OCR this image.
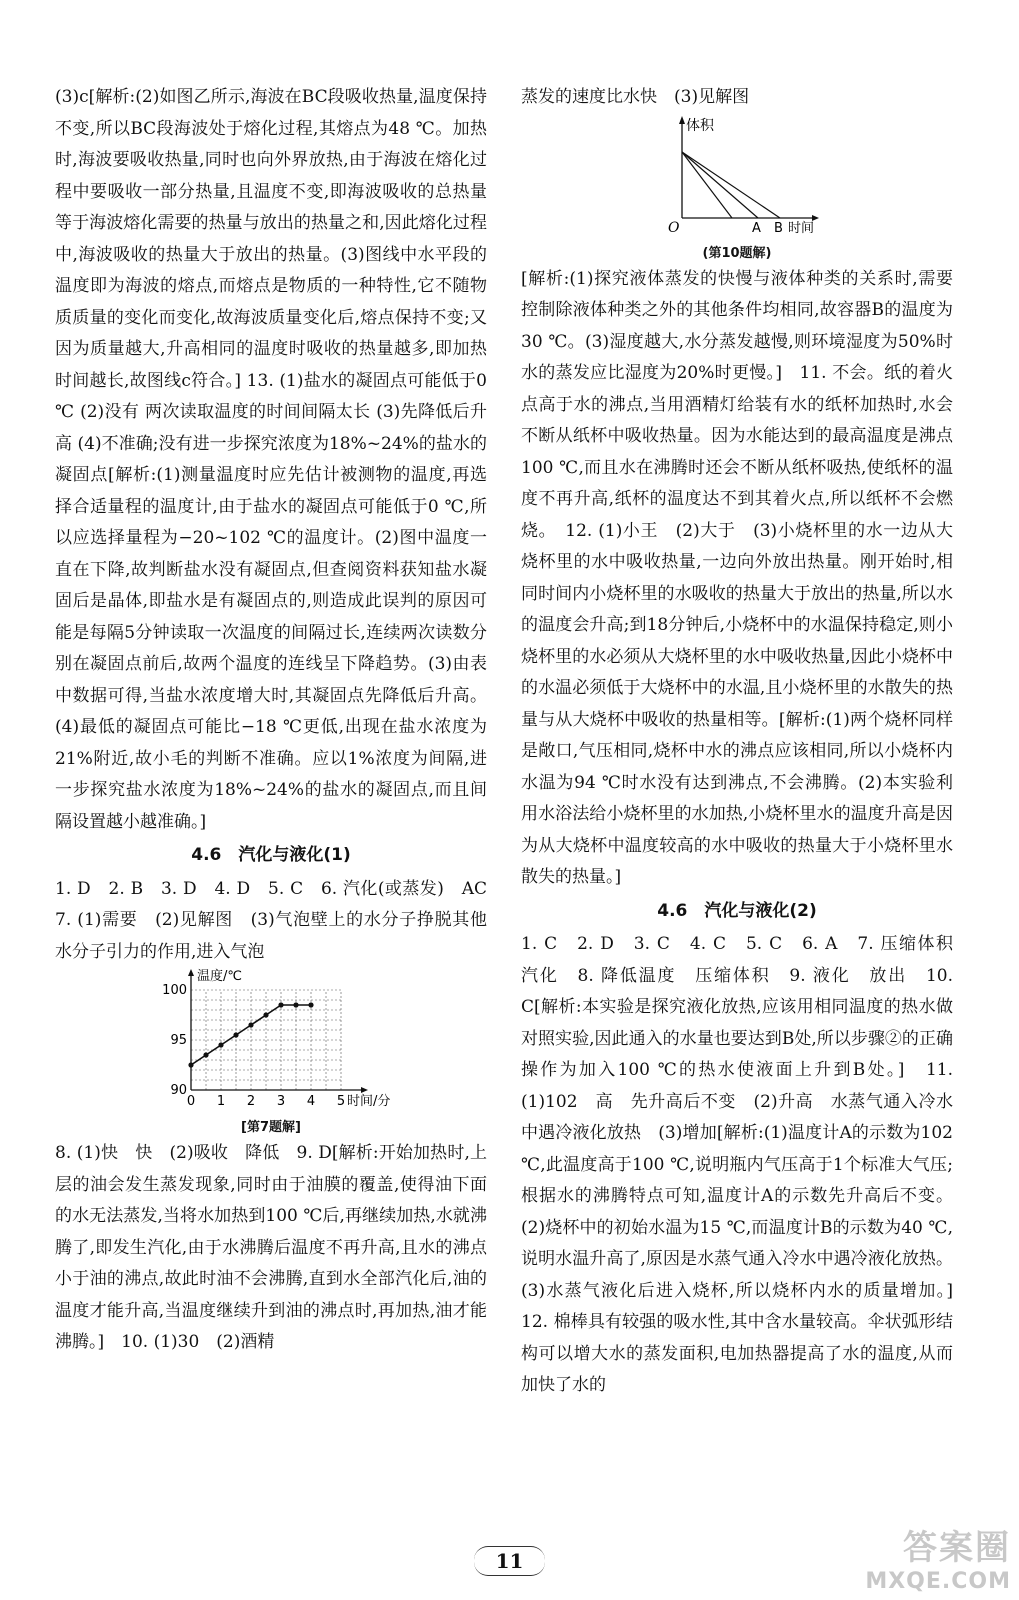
(3)c[解析:(2)如图乙所示,海波在BC段吸收热量,温度保持不变,所以BC段海波处于熔化过程,其熔点为48 ℃。加热时,海波要吸收热量,同时也向外界放热,由于海波在熔化过程中要吸收一部分热量,且温度不变,即海波吸收的总热量等于海波熔化需要的热量与放出的热量之和,因此熔化过程中,海波吸收的热量大于放出的热量。(3)图线中水平段的温度即为海波的熔点,而熔点是物质的一种特性,它不随物质质量的变化而变化,故海波质量变化后,熔点保持不变;又因为质量越大,升高相同的温度时吸收的热量越多,即加热时间越长,故图线c符合。] 13. (1)盐水的凝固点可能低于0 ℃ (2)没有 两次读取温度的时间间隔太长 (3)先降低后升高 (4)不准确;没有进一步探究浓度为18%~24%的盐水的凝固点[解析:(1)测量温度时应先估计被测物的温度,再选择合适量程的温度计,由于盐水的凝固点可能低于0 ℃,所以应选择量程为−20~102 ℃的温度计。(2)图中温度一直在下降,故判断盐水没有凝固点,但查阅资料获知盐水凝固后是晶体,即盐水是有凝固点的,则造成此误判的原因可能是每隔5分钟读取一次温度的间隔过长,连续两次读数分别在凝固点前后,故两个温度的连线呈下降趋势。(3)由表中数据可得,当盐水浓度增大时,其凝固点先降低后升高。(4)最低的凝固点可能比−18 ℃更低,出现在盐水浓度为21%附近,故小毛的判断不准确。应以1%浓度为间隔,进一步探究盐水浓度为18%~24%的盐水的凝固点,而且间隔设置越小越准确。]

4.6　汽化与液化(1)

1. D　2. B　3. D　4. D　5. C　6. 汽化(或蒸发)　AC　7. (1)需要　(2)见解图　(3)气泡壁上的水分子挣脱其他水分子引力的作用,进入气泡

0 1 2 3 4 5
90
95
100
温度/℃
时间/分
[第7题解]

8. (1)快　快　(2)吸收　降低　9. D[解析:开始加热时,上层的油会发生蒸发现象,同时由于油膜的覆盖,使得油下面的水无法蒸发,当将水加热到100 ℃后,再继续加热,水就沸腾了,即发生汽化,由于水沸腾后温度不再升高,且水的沸点小于油的沸点,故此时油不会沸腾,直到水全部汽化后,油的温度才能升高,当温度继续升到油的沸点时,再加热,油才能沸腾。]　10. (1)30　(2)酒精

蒸发的速度比水快　(3)见解图

体积
O	A B 时间
(第10题解)

[解析:(1)探究液体蒸发的快慢与液体种类的关系时,需要控制除液体种类之外的其他条件均相同,故容器B的温度为30 ℃。(3)湿度越大,水分蒸发越慢,则环境湿度为50%时水的蒸发应比湿度为20%时更慢。]　11. 不会。纸的着火点高于水的沸点,当用酒精灯给装有水的纸杯加热时,水会不断从纸杯中吸收热量。因为水能达到的最高温度是沸点100 ℃,而且水在沸腾时还会不断从纸杯吸热,使纸杯的温度不再升高,纸杯的温度达不到其着火点,所以纸杯不会燃烧。　12. (1)小王　(2)大于　(3)小烧杯里的水一边从大烧杯里的水中吸收热量,一边向外放出热量。刚开始时,相同时间内小烧杯里的水吸收的热量大于放出的热量,所以水的温度会升高;到18分钟后,小烧杯中的水温保持稳定,则小烧杯里的水必须从大烧杯里的水中吸收热量,因此小烧杯中的水温必须低于大烧杯中的水温,且小烧杯里的水散失的热量与从大烧杯中吸收的热量相等。[解析:(1)两个烧杯同样是敞口,气压相同,烧杯中水的沸点应该相同,所以小烧杯内水温为94 ℃时水没有达到沸点,不会沸腾。(2)本实验利用水浴法给小烧杯里的水加热,小烧杯里水的温度升高是因为从大烧杯中温度较高的水中吸收的热量大于小烧杯里水散失的热量。]

4.6　汽化与液化(2)

1. C　2. D　3. C　4. C　5. C　6. A　7. 压缩体积　汽化　8. 降低温度　压缩体积　9. 液化　放出　10. C[解析:本实验是探究液化放热,应该用相同温度的热水做对照实验,因此通入的水量也要达到B处,所以步骤②的正确操作为加入100 ℃的热水使液面上升到B处。]　11. (1)102　高　先升高后不变　(2)升高　水蒸气通入冷水中遇冷液化放热　(3)增加[解析:(1)温度计A的示数为102 ℃,此温度高于100 ℃,说明瓶内气压高于1个标准大气压;根据水的沸腾特点可知,温度计A的示数先升高后不变。(2)烧杯中的初始水温为15 ℃,而温度计B的示数为40 ℃,说明水温升高了,原因是水蒸气通入冷水中遇冷液化放热。(3)水蒸气液化后进入烧杯,所以烧杯内水的质量增加。]　12. 棉棒具有较强的吸水性,其中含水量较高。伞状弧形结构可以增大水的蒸发面积,电加热器提高了水的温度,从而加快了水的

11	答案圈
MXQE.COM
